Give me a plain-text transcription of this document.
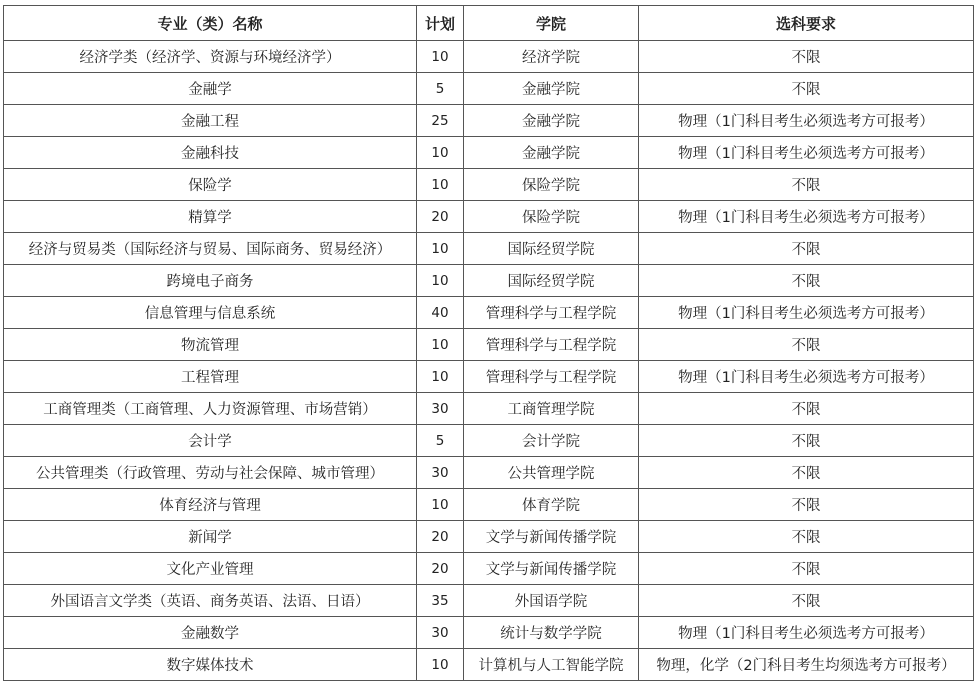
专业（类）名称	计划	学院	选科要求
经济学类（经济学、资源与环境经济学）	10	经济学院	不限
金融学	5	金融学院	不限
金融工程	25	金融学院	物理（1门科目考生必须选考方可报考）
金融科技	10	金融学院	物理（1门科目考生必须选考方可报考）
保险学	10	保险学院	不限
精算学	20	保险学院	物理（1门科目考生必须选考方可报考）
经济与贸易类（国际经济与贸易、国际商务、贸易经济）	10	国际经贸学院	不限
跨境电子商务	10	国际经贸学院	不限
信息管理与信息系统	40	管理科学与工程学院	物理（1门科目考生必须选考方可报考）
物流管理	10	管理科学与工程学院	不限
工程管理	10	管理科学与工程学院	物理（1门科目考生必须选考方可报考）
工商管理类（工商管理、人力资源管理、市场营销）	30	工商管理学院	不限
会计学	5	会计学院	不限
公共管理类（行政管理、劳动与社会保障、城市管理）	30	公共管理学院	不限
体育经济与管理	10	体育学院	不限
新闻学	20	文学与新闻传播学院	不限
文化产业管理	20	文学与新闻传播学院	不限
外国语言文学类（英语、商务英语、法语、日语）	35	外国语学院	不限
金融数学	30	统计与数学学院	物理（1门科目考生必须选考方可报考）
数字媒体技术	10	计算机与人工智能学院	物理，化学（2门科目考生均须选考方可报考）
